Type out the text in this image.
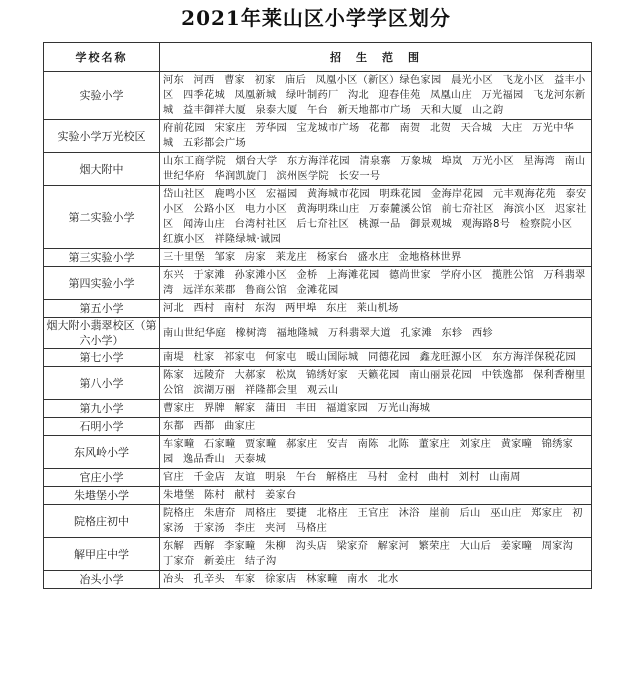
2021年莱山区小学学区划分
学校名称	招　生　范　围
实验小学	河东 河西 曹家 初家 庙后 凤凰小区（新区）绿色家园 晨光小区 飞龙小区 益丰小区 四季花城 凤凰新城 绿叶制药厂 沟北 迎春佳苑 凤凰山庄 万光福园 飞龙河东新城 益丰御祥大厦 泉泰大厦 午台 新天地都市广场 天和大厦 山之韵
实验小学万光校区	府前花园 宋家庄 芳华园 宝龙城市广场 花都 南贺 北贺 天合城 大庄 万光中华城 五彩都会广场
烟大附中	山东工商学院 烟台大学 东方海洋花园 清泉寨 万象城 埠岚 万光小区 星海湾 南山世纪华府 华润凯旋门 滨州医学院 长安一号
第二实验小学	岱山社区 鹿鸣小区 宏福园 黄海城市花园 明珠花园 金海岸花园 元丰观海花苑 泰安小区 公路小区 电力小区 黄海明珠山庄 万泰麓溪公馆 前七夼社区 海滨小区 迟家社区 闻涛山庄 台湾村社区 后七夼社区 桃源一品 御景观城 观海路8号 检察院小区 红旗小区 祥隆绿城·诚园
第三实验小学	三十里堡 邹家 房家 莱龙庄 杨家台 盛水庄 金地格林世界
第四实验小学	东兴 于家滩 孙家滩小区 金桥 上海滩花园 德尚世家 学府小区 揽胜公馆 万科翡翠湾 远洋东莱郡 鲁商公馆 金滩花园
第五小学	河北 西村 南村 东沟 两甲埠 东庄 莱山机场
烟大附小翡翠校区（第六小学）	南山世纪华庭 橡树湾 福地隆城 万科翡翠大道 孔家滩 东轸 西轸
第七小学	南堤 杜家 祁家屯 何家屯 暖山国际城 同德花园 鑫龙旺源小区 东方海洋保税花园
第八小学	陈家 远陵夼 大郝家 松岚 锦绣好家 天籁花园 南山丽景花园 中铁逸都 保利香榭里公馆 滨湖万丽 祥隆都会里 观云山
第九小学	曹家庄 界牌 解家 蒲田 丰田 福道家园 万光山海城
石明小学	东都 西都 曲家庄
东风岭小学	车家疃 石家疃 贾家疃 郝家庄 安吉 南陈 北陈 董家庄 刘家庄 黄家疃 锦绣家园 逸品香山 天泰城
官庄小学	官庄 千金店 友谊 明泉 午台 解格庄 马村 金村 曲村 刘村 山南周
朱塂堡小学	朱塂堡 陈村 献村 姜家台
院格庄初中	院格庄 朱唐夼 周格庄 要捷 北格庄 王官庄 沐浴 崖前 后山 巫山庄 郑家庄 初家汤 于家汤 李庄 夹河 马格庄
解甲庄中学	东解 西解 李家疃 朱柳 沟头店 梁家夼 解家河 繁荣庄 大山后 姜家疃 周家沟 丁家夼 新姜庄 结子沟
冶头小学	冶头 孔辛头 车家 徐家店 林家疃 南水 北水
